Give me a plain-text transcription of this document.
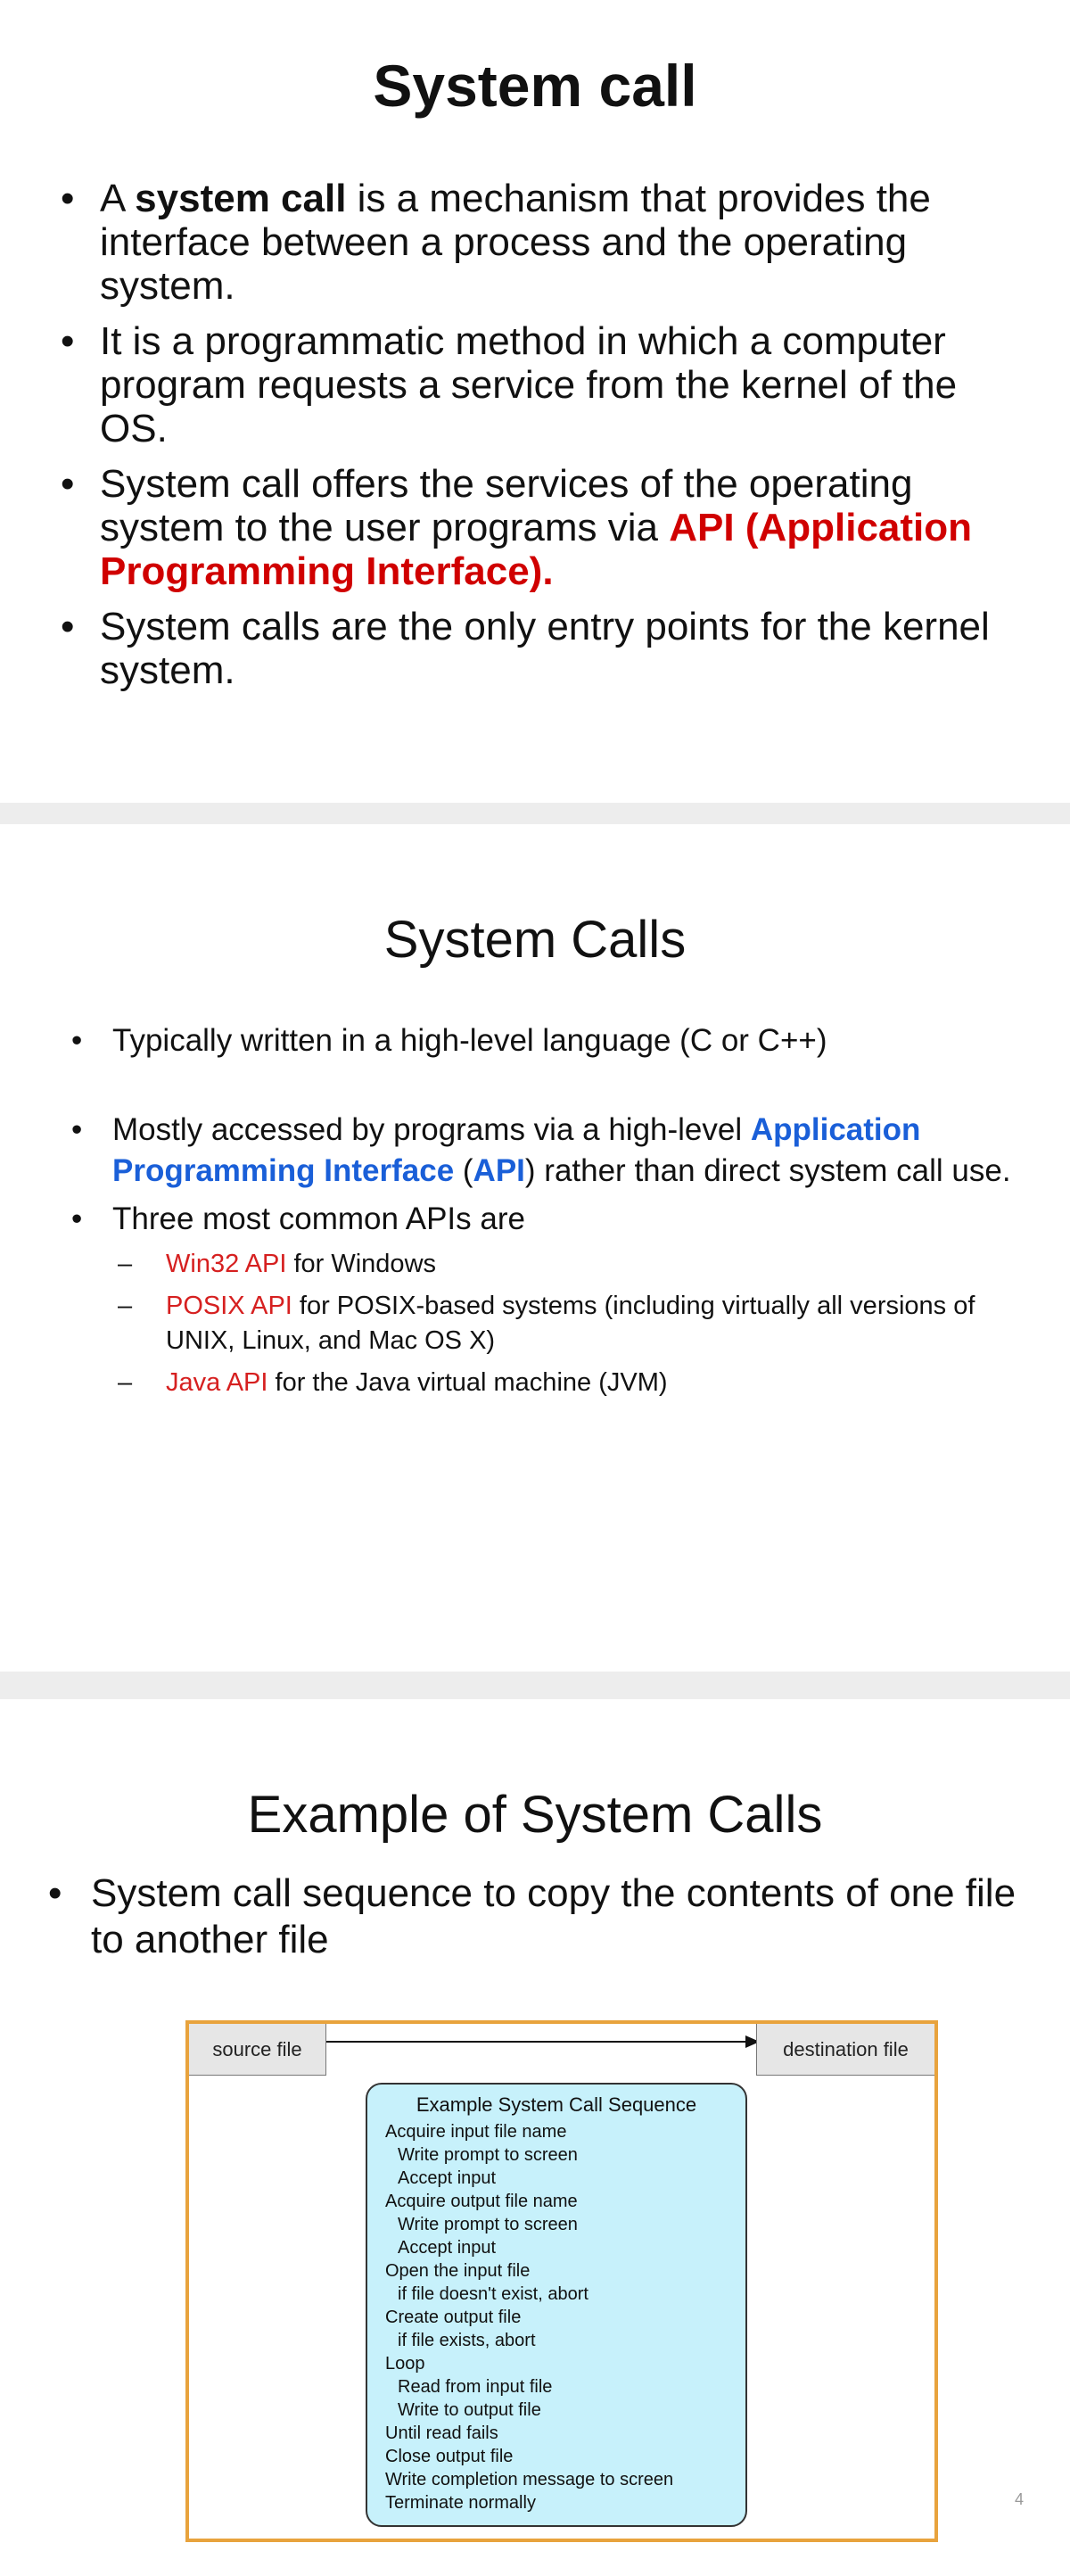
System call
• A system call is a mechanism that provides the interface between a process and the operating system.
• It is a programmatic method in which a computer program requests a service from the kernel of the OS.
• System call offers the services of the operating system to the user programs via API (Application Programming Interface).
• System calls are the only entry points for the kernel system.
System Calls
• Typically written in a high-level language (C or C++)
• Mostly accessed by programs via a high-level Application Programming Interface (API) rather than direct system call use.
• Three most common APIs are
– Win32 API for Windows
– POSIX API for POSIX-based systems (including virtually all versions of UNIX, Linux, and Mac OS X)
– Java API for the Java virtual machine (JVM)
Example of System Calls
• System call sequence to copy the contents of one file to another file
source file	destination file
Example System Call Sequence
Acquire input file name
Write prompt to screen
Accept input
Acquire output file name
Write prompt to screen
Accept input
Open the input file
if file doesn't exist, abort
Create output file
if file exists, abort
Loop
Read from input file
Write to output file
Until read fails
Close output file
Write completion message to screen
Terminate normally	4
